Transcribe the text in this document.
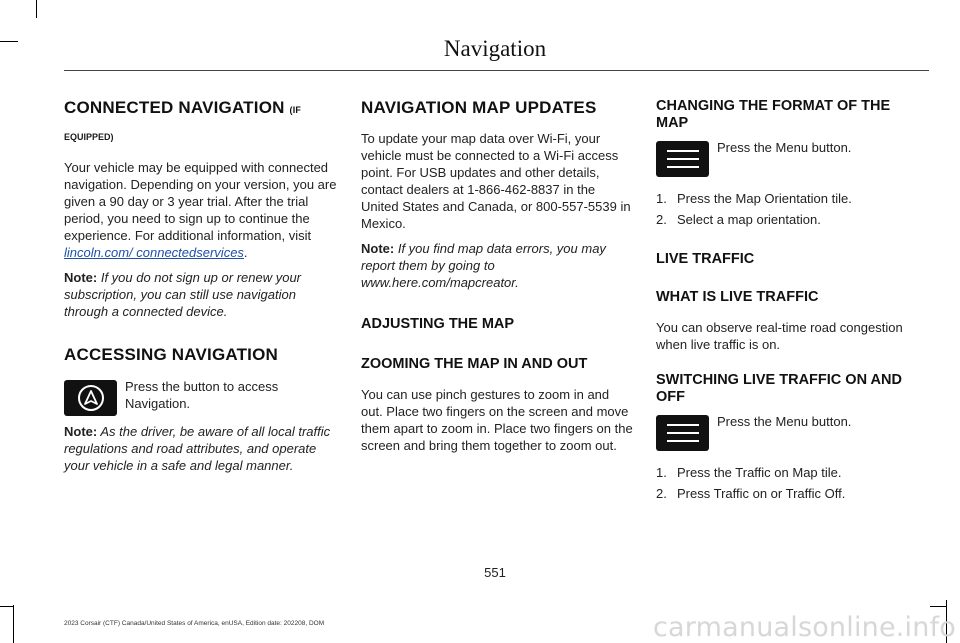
Navigation
CONNECTED NAVIGATION (IF
EQUIPPED)

Your vehicle may be equipped with connected navigation. Depending on your version, you are given a 90 day or 3 year trial. After the trial period, you need to sign up to continue the experience. For additional information, visit lincoln.com/ connectedservices.

Note: If you do not sign up or renew your subscription, you can still use navigation through a connected device.

ACCESSING NAVIGATION

Press the button to access Navigation.

Note: As the driver, be aware of all local traffic regulations and road attributes, and operate your vehicle in a safe and legal manner.

NAVIGATION MAP UPDATES

To update your map data over Wi-Fi, your vehicle must be connected to a Wi-Fi access point. For USB updates and other details, contact dealers at 1-866-462-8837 in the United States and Canada, or 800-557-5539 in Mexico.

Note: If you find map data errors, you may report them by going to www.here.com/mapcreator.

ADJUSTING THE MAP
ZOOMING THE MAP IN AND OUT

You can use pinch gestures to zoom in and out. Place two fingers on the screen and move them apart to zoom in. Place two fingers on the screen and bring them together to zoom out.

CHANGING THE FORMAT OF THE MAP

Press the Menu button.

1. Press the Map Orientation tile.
2. Select a map orientation.
LIVE TRAFFIC
WHAT IS LIVE TRAFFIC

You can observe real-time road congestion when live traffic is on.

SWITCHING LIVE TRAFFIC ON AND OFF

Press the Menu button.

1. Press the Traffic on Map tile.
2. Press Traffic on or Traffic Off.
551
2023 Corsair (CTF) Canada/United States of America, enUSA, Edition date: 202208, DOM	carmanualsonline.info
